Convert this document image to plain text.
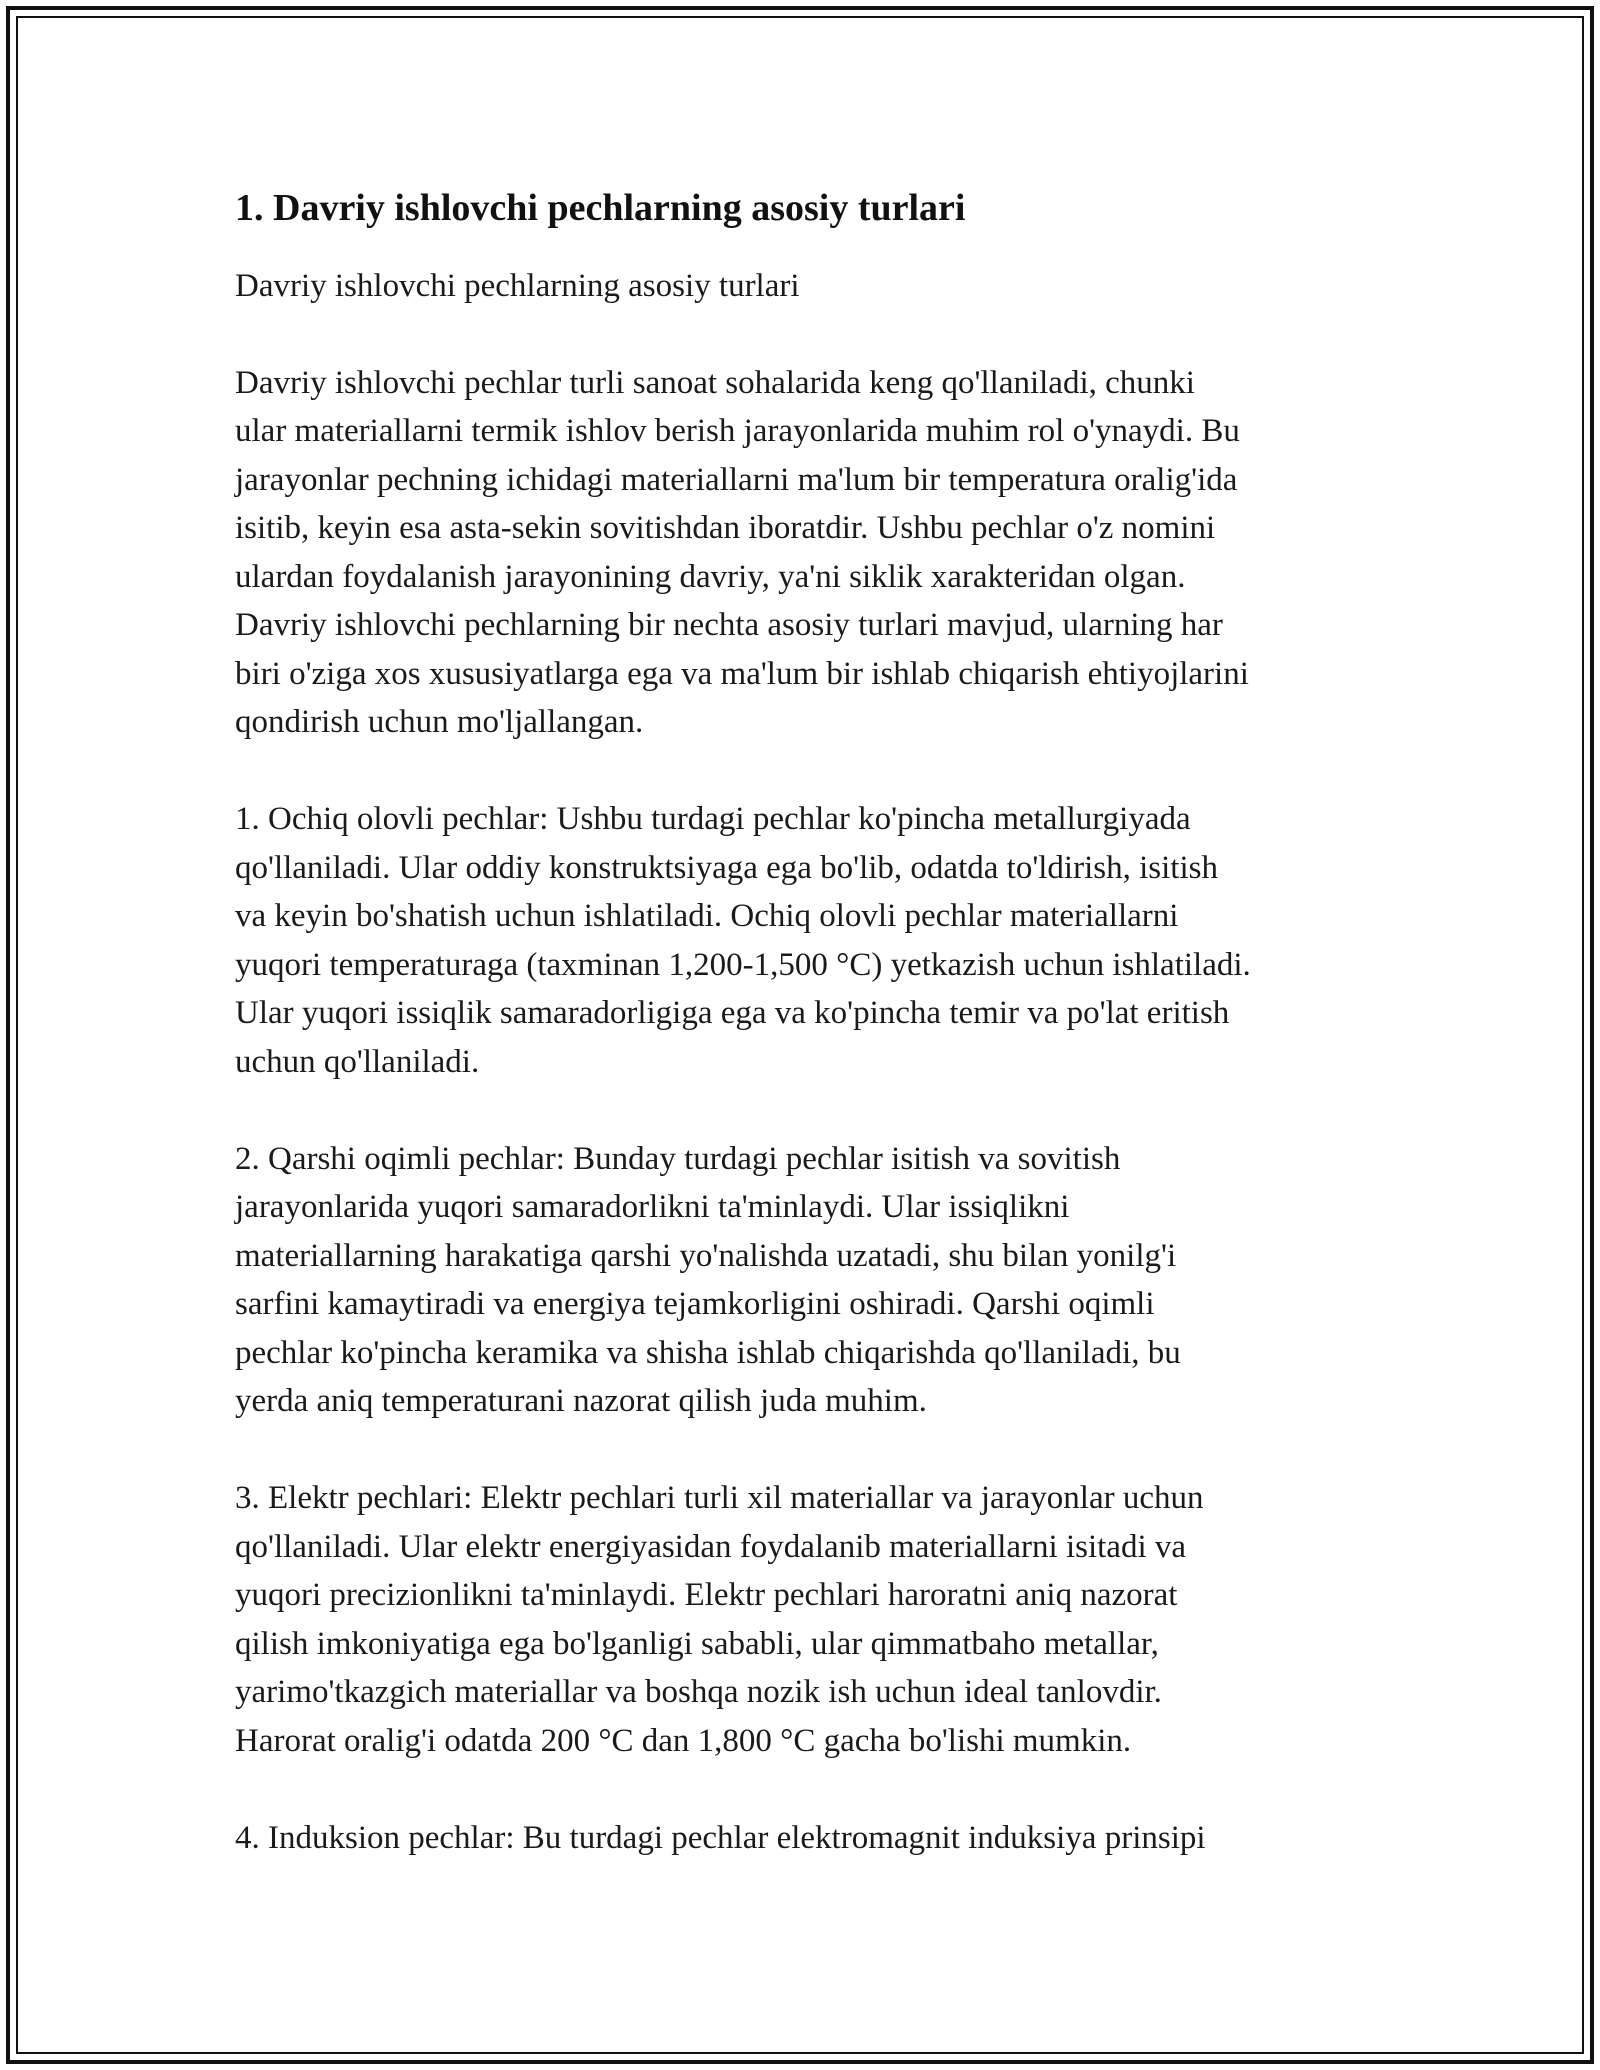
1. Davriy ishlovchi pechlarning asosiy turlari

Davriy ishlovchi pechlarning asosiy turlari

Davriy ishlovchi pechlar turli sanoat sohalarida keng qo'llaniladi, chunki
ular materiallarni termik ishlov berish jarayonlarida muhim rol o'ynaydi. Bu
jarayonlar pechning ichidagi materiallarni ma'lum bir temperatura oralig'ida
isitib, keyin esa asta-sekin sovitishdan iboratdir. Ushbu pechlar o'z nomini
ulardan foydalanish jarayonining davriy, ya'ni siklik xarakteridan olgan.
Davriy ishlovchi pechlarning bir nechta asosiy turlari mavjud, ularning har
biri o'ziga xos xususiyatlarga ega va ma'lum bir ishlab chiqarish ehtiyojlarini
qondirish uchun mo'ljallangan.

1. Ochiq olovli pechlar: Ushbu turdagi pechlar ko'pincha metallurgiyada
qo'llaniladi. Ular oddiy konstruktsiyaga ega bo'lib, odatda to'ldirish, isitish
va keyin bo'shatish uchun ishlatiladi. Ochiq olovli pechlar materiallarni
yuqori temperaturaga (taxminan 1,200-1,500 °C) yetkazish uchun ishlatiladi.
Ular yuqori issiqlik samaradorligiga ega va ko'pincha temir va po'lat eritish
uchun qo'llaniladi.

2. Qarshi oqimli pechlar: Bunday turdagi pechlar isitish va sovitish
jarayonlarida yuqori samaradorlikni ta'minlaydi. Ular issiqlikni
materiallarning harakatiga qarshi yo'nalishda uzatadi, shu bilan yonilg'i
sarfini kamaytiradi va energiya tejamkorligini oshiradi. Qarshi oqimli
pechlar ko'pincha keramika va shisha ishlab chiqarishda qo'llaniladi, bu
yerda aniq temperaturani nazorat qilish juda muhim.

3. Elektr pechlari: Elektr pechlari turli xil materiallar va jarayonlar uchun
qo'llaniladi. Ular elektr energiyasidan foydalanib materiallarni isitadi va
yuqori precizionlikni ta'minlaydi. Elektr pechlari haroratni aniq nazorat
qilish imkoniyatiga ega bo'lganligi sababli, ular qimmatbaho metallar,
yarimo'tkazgich materiallar va boshqa nozik ish uchun ideal tanlovdir.
Harorat oralig'i odatda 200 °C dan 1,800 °C gacha bo'lishi mumkin.

4. Induksion pechlar: Bu turdagi pechlar elektromagnit induksiya prinsipi
